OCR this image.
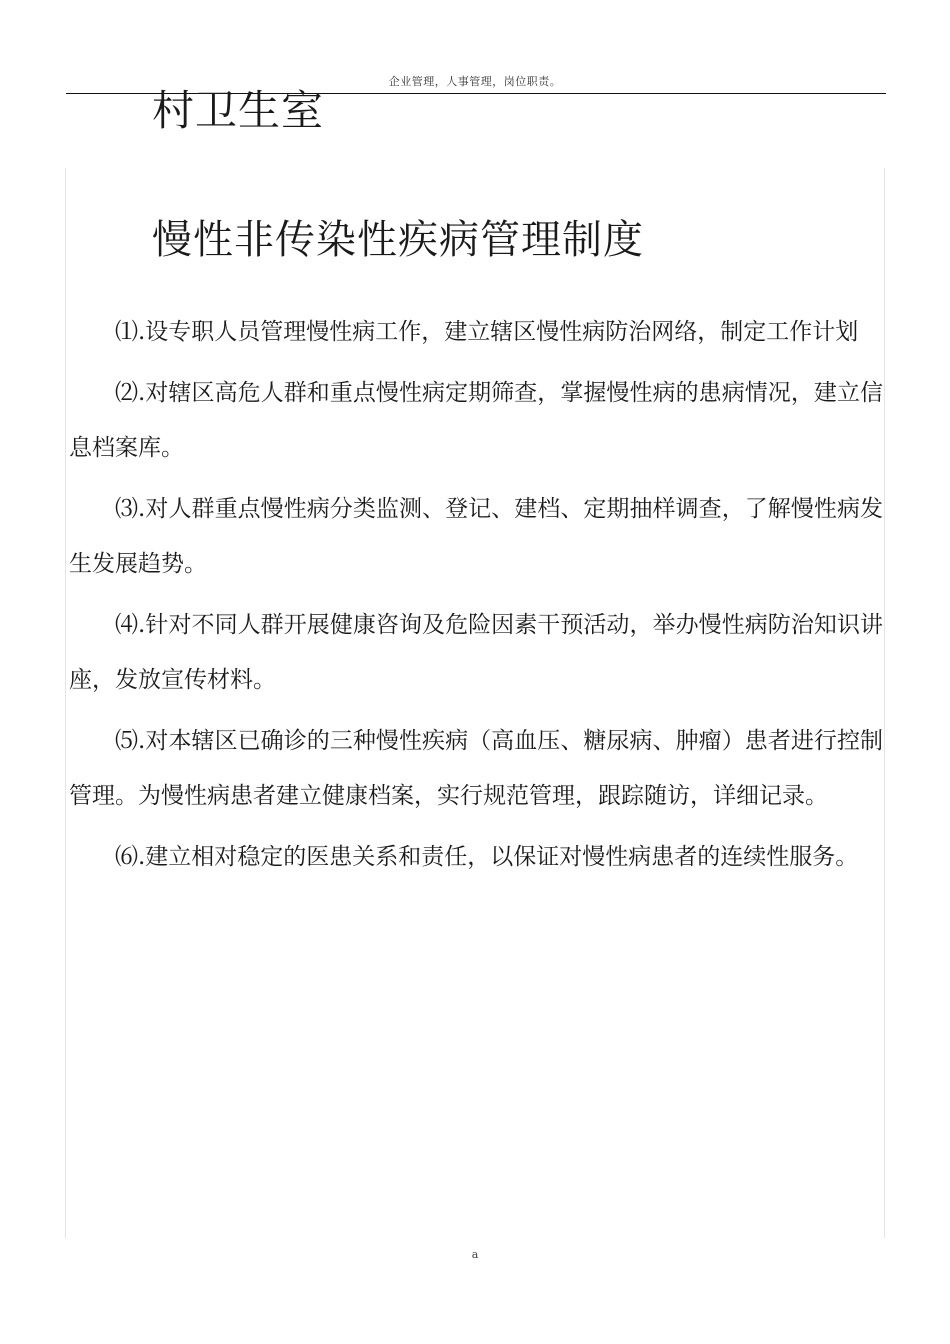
企业管理，人事管理，岗位职责。
村卫生室
慢性非传染性疾病管理制度

⑴.设专职人员管理慢性病工作，建立辖区慢性病防治网络，制定工作计划

⑵.对辖区高危人群和重点慢性病定期筛查，掌握慢性病的患病情况，建立信息档案库。

⑶.对人群重点慢性病分类监测、登记、建档、定期抽样调查，了解慢性病发生发展趋势。

⑷.针对不同人群开展健康咨询及危险因素干预活动，举办慢性病防治知识讲座，发放宣传材料。

⑸.对本辖区已确诊的三种慢性疾病（高血压、糖尿病、肿瘤）患者进行控制管理。为慢性病患者建立健康档案，实行规范管理，跟踪随访，详细记录。

⑹.建立相对稳定的医患关系和责任，以保证对慢性病患者的连续性服务。

a
